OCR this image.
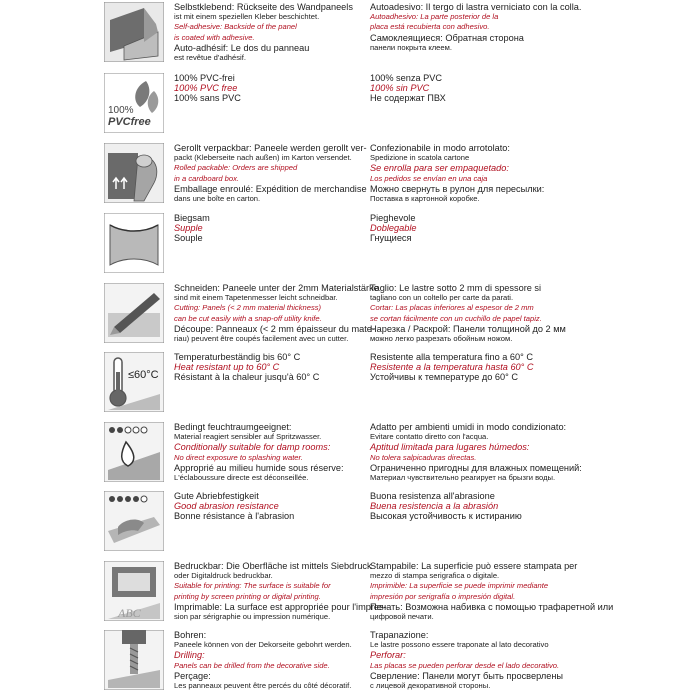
Selbstklebend: Rückseite des Wandpaneels
ist mit einem speziellen Kleber beschichtet.
Self-adhesive: Backside of the panel
is coated with adhesive.
Auto-adhésif: Le dos du panneau
est revêtue d'adhésif.
Autoadesivo: Il tergo di lastra verniciato con la colla.
Autoadhesivo: La parte posterior de la
placa está recubierta con adhesivo.
Самоклеящиеся: Обратная сторона
панели покрыта клеем.
100%
PVCfree
100% PVC-frei
100% PVC free
100% sans PVC
100% senza PVC
100% sin PVC
Не содержат ПВХ
Gerollt verpackbar: Paneele werden gerollt ver-
packt (Kleberseite nach außen) im Karton versendet.
Rolled packable: Orders are shipped
in a cardboard box.
Emballage enroulé: Expédition de merchandise
dans une boîte en carton.
Confezionabile in modo arrotolato:
Spedizione in scatola cartone
Se enrolla para ser empaquetado:
Los pedidos se envían en una caja
Можно свернуть в рулон для пересылки:
Поставка в картонной коробке.
Biegsam
Supple
Souple
Pieghevole
Doblegable
Гнущиеся
Schneiden: Paneele unter der 2mm Materialstärke
sind mit einem Tapetenmesser leicht schneidbar.
Cutting: Panels (< 2 mm material thickness)
can be cut easily with a snap-off utility knife.
Découpe: Panneaux (< 2 mm épaisseur du mate-
riau) peuvent être coupés facilement avec un cutter.
Taglio: Le lastre sotto 2 mm di spessore si
tagliano con un coltello per carte da parati.
Cortar: Las placas inferiores al espesor de 2 mm
se cortan fácilmente con un cuchillo de papel tapiz.
Нарезка / Раскрой: Панели толщиной до 2 мм
можно легко разрезать обойным ножом.
≤60°C
Temperaturbeständig bis 60° C
Heat resistant up to 60° C
Résistant à la chaleur jusqu'à 60° C
Resistente alla temperatura fino a 60° C
Resistente a la temperatura hasta 60° C
Устойчивы к температуре до 60° C
Bedingt feuchtraumgeeignet:
Material reagiert sensibler auf Spritzwasser.
Conditionally suitable for damp rooms:
No direct exposure to splashing water.
Approprié au milieu humide sous réserve:
L'éclaboussure directe est déconseillée.
Adatto per ambienti umidi in modo condizionato:
Evitare contatto diretto con l'acqua.
Aptitud limitada para lugares húmedos:
No tolera salpicaduras directas.
Ограниченно пригодны для влажных помещений:
Материал чувствительно реагирует на брызги воды.
Gute Abriebfestigkeit
Good abrasion resistance
Bonne résistance à l'abrasion
Buona resistenza all'abrasione
Buena resistencia a la abrasión
Высокая устойчивость к истиранию
ABC
Bedruckbar: Die Oberfläche ist mittels Siebdruck
oder Digitaldruck bedruckbar.
Suitable for printing: The surface is suitable for
printing by screen printing or digital printing.
Imprimable: La surface est appropriée pour l'impres-
sion par sérigraphie ou impression numérique.
Stampabile: La superficie può essere stampata per
mezzo di stampa serigrafica o digitale.
Imprimible: La superficie se puede imprimir mediante
impresión por serigrafía o impresión digital.
Печать: Возможна набивка с помощью трафаретной или
цифровой печати.
Bohren:
Paneele können von der Dekorseite gebohrt werden.
Drilling:
Panels can be drilled from the decorative side.
Perçage:
Les panneaux peuvent être percés du côté décoratif.
Trapanazione:
Le lastre possono essere traponate al lato decorativo
Perforar:
Las placas se pueden perforar desde el lado decorativo.
Сверление: Панели могут быть просверлены
с лицевой декоративной стороны.
